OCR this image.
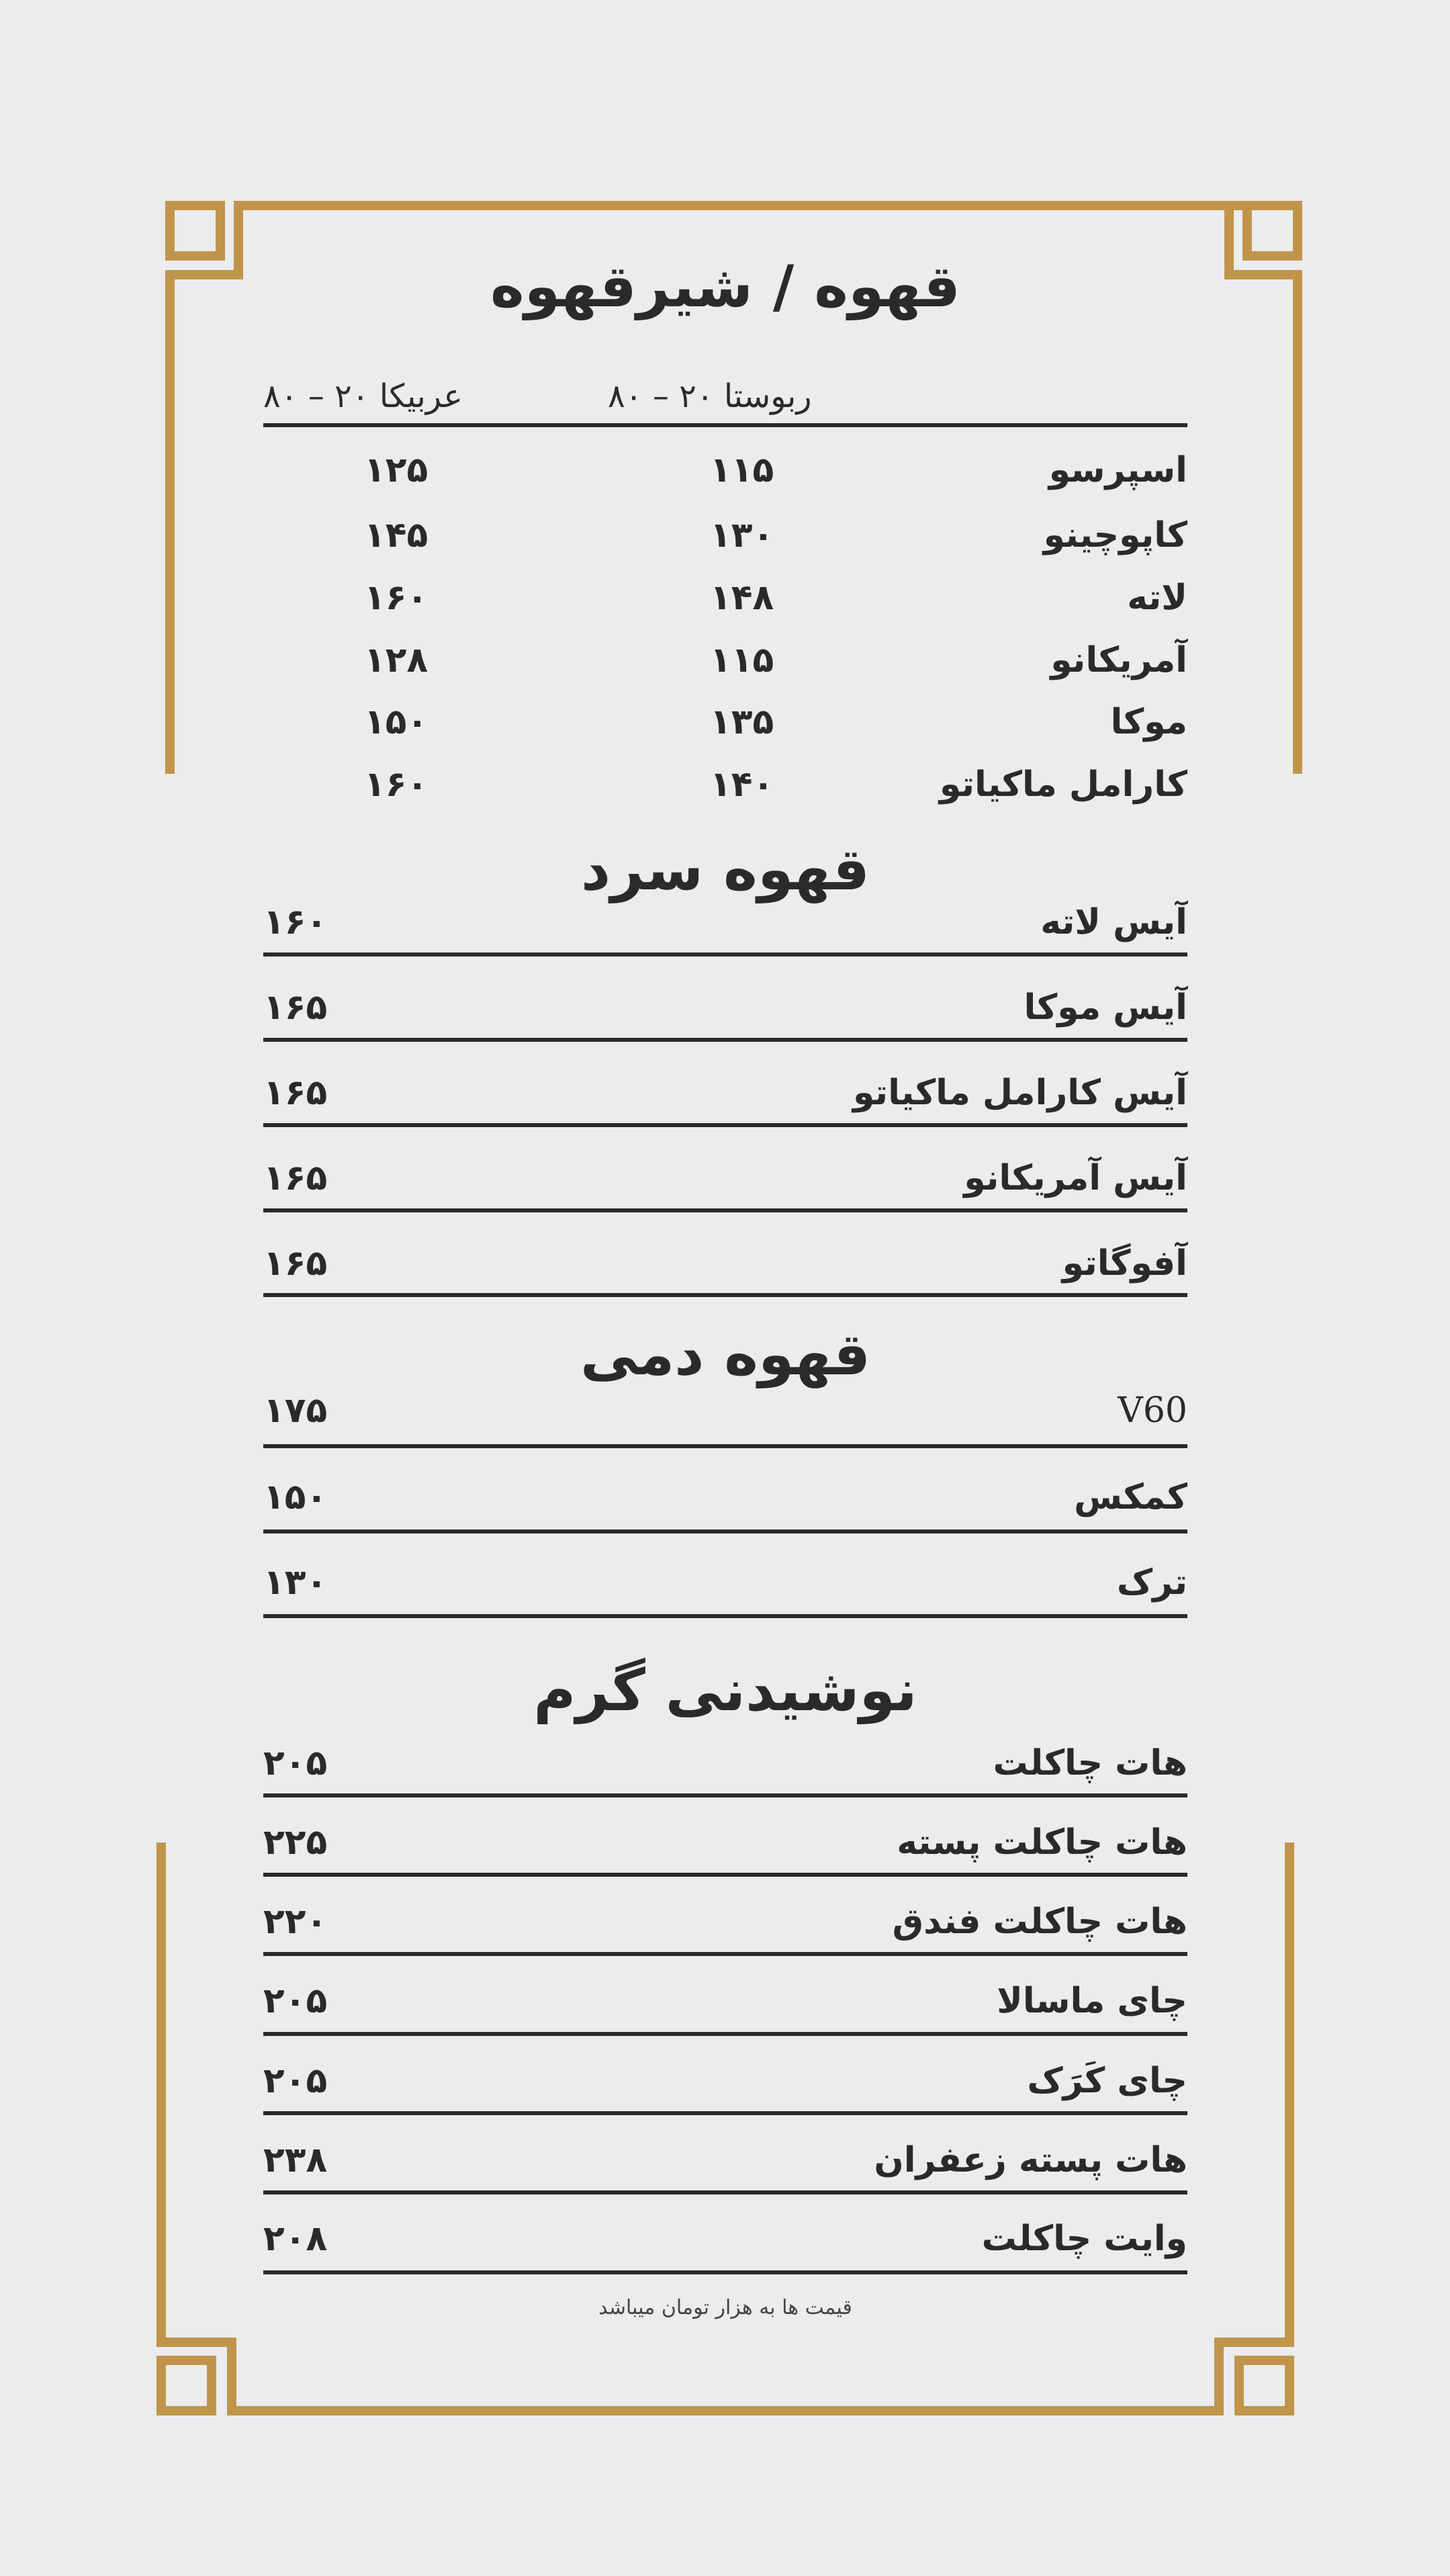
قهوه / شیرقهوه
ربوستا ۲۰ – ۸۰
عربیکا ۲۰ – ۸۰
اسپرسو
۱۱۵
۱۲۵
کاپوچینو
۱۳۰
۱۴۵
لاته
۱۴۸
۱۶۰
آمریکانو
۱۱۵
۱۲۸
موکا
۱۳۵
۱۵۰
کارامل ماکیاتو
۱۴۰
۱۶۰
قهوه سرد
آیس لاته
۱۶۰
آیس موکا
۱۶۵
آیس کارامل ماکیاتو
۱۶۵
آیس آمریکانو
۱۶۵
آفوگاتو
۱۶۵
قهوه دمی
V60
۱۷۵
کمکس
۱۵۰
ترک
۱۳۰
نوشیدنی گرم
هات چاکلت
۲۰۵
هات چاکلت پسته
۲۲۵
هات چاکلت فندق
۲۲۰
چای ماسالا
۲۰۵
چای کَرَک
۲۰۵
هات پسته زعفران
۲۳۸
وایت چاکلت
۲۰۸
قیمت ها به هزار تومان میباشد
